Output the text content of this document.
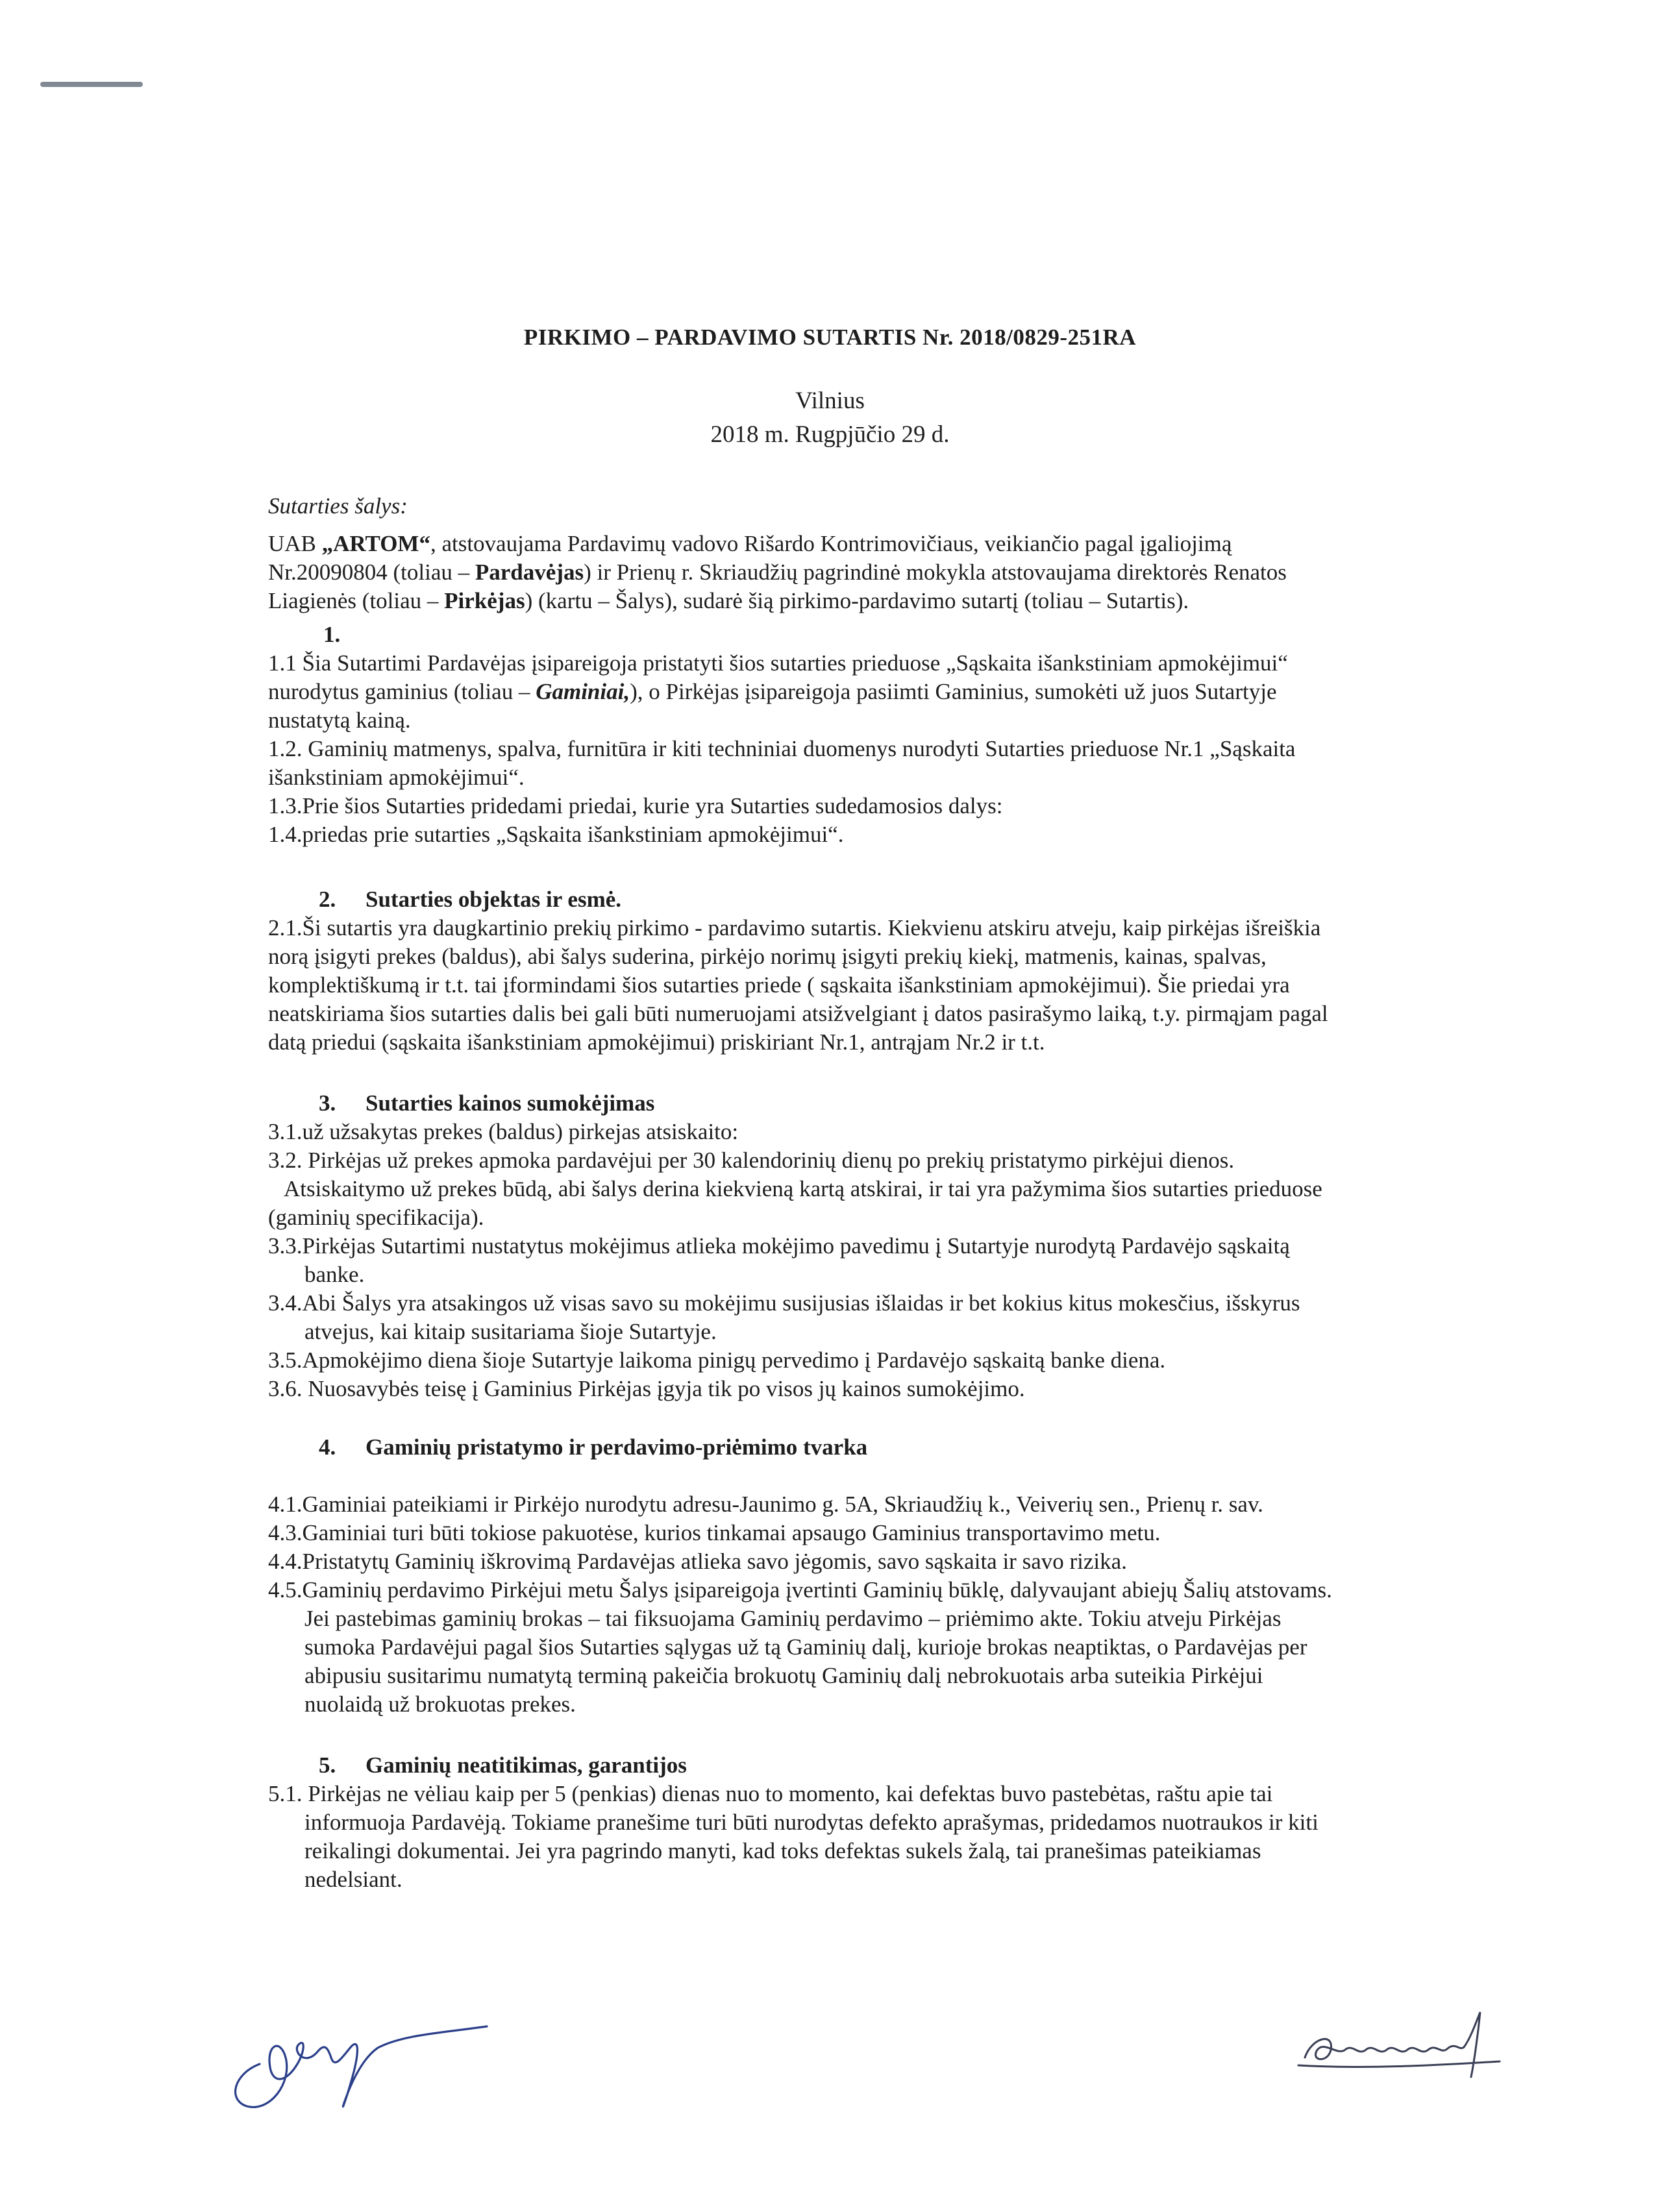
PIRKIMO – PARDAVIMO SUTARTIS Nr. 2018/0829-251RA
Vilnius
2018 m. Rugpjūčio 29 d.
Sutarties šalys:
UAB „ARTOM“, atstovaujama Pardavimų vadovo Rišardo Kontrimovičiaus, veikiančio pagal įgaliojimą
Nr.20090804 (toliau – Pardavėjas) ir Prienų r. Skriaudžių pagrindinė mokykla atstovaujama direktorės Renatos
Liagienės (toliau – Pirkėjas) (kartu – Šalys), sudarė šią pirkimo-pardavimo sutartį (toliau – Sutartis).
1.
1.1 Šia Sutartimi Pardavėjas įsipareigoja pristatyti šios sutarties prieduose „Sąskaita išankstiniam apmokėjimui“
nurodytus gaminius (toliau – Gaminiai,), o Pirkėjas įsipareigoja pasiimti Gaminius, sumokėti už juos Sutartyje
nustatytą kainą.
1.2. Gaminių matmenys, spalva, furnitūra ir kiti techniniai duomenys nurodyti Sutarties prieduose Nr.1 „Sąskaita
išankstiniam apmokėjimui“.
1.3.Prie šios Sutarties pridedami priedai, kurie yra Sutarties sudedamosios dalys:
1.4.priedas prie sutarties „Sąskaita išankstiniam apmokėjimui“.
2. Sutarties objektas ir esmė.
2.1.Ši sutartis yra daugkartinio prekių pirkimo - pardavimo sutartis. Kiekvienu atskiru atveju, kaip pirkėjas išreiškia
norą įsigyti prekes (baldus), abi šalys suderina, pirkėjo norimų įsigyti prekių kiekį, matmenis, kainas, spalvas,
komplektiškumą ir t.t. tai įformindami šios sutarties priede ( sąskaita išankstiniam apmokėjimui). Šie priedai yra
neatskiriama šios sutarties dalis bei gali būti numeruojami atsižvelgiant į datos pasirašymo laiką, t.y. pirmąjam pagal
datą priedui (sąskaita išankstiniam apmokėjimui) priskiriant Nr.1, antrąjam Nr.2 ir t.t.
3. Sutarties kainos sumokėjimas
3.1.už užsakytas prekes (baldus) pirkejas atsiskaito:
3.2. Pirkėjas už prekes apmoka pardavėjui per 30 kalendorinių dienų po prekių pristatymo pirkėjui dienos.
Atsiskaitymo už prekes būdą, abi šalys derina kiekvieną kartą atskirai, ir tai yra pažymima šios sutarties prieduose
(gaminių specifikacija).
3.3.Pirkėjas Sutartimi nustatytus mokėjimus atlieka mokėjimo pavedimu į Sutartyje nurodytą Pardavėjo sąskaitą
banke.
3.4.Abi Šalys yra atsakingos už visas savo su mokėjimu susijusias išlaidas ir bet kokius kitus mokesčius, išskyrus
atvejus, kai kitaip susitariama šioje Sutartyje.
3.5.Apmokėjimo diena šioje Sutartyje laikoma pinigų pervedimo į Pardavėjo sąskaitą banke diena.
3.6. Nuosavybės teisę į Gaminius Pirkėjas įgyja tik po visos jų kainos sumokėjimo.
4. Gaminių pristatymo ir perdavimo-priėmimo tvarka
4.1.Gaminiai pateikiami ir Pirkėjo nurodytu adresu-Jaunimo g. 5A, Skriaudžių k., Veiverių sen., Prienų r. sav.
4.3.Gaminiai turi būti tokiose pakuotėse, kurios tinkamai apsaugo Gaminius transportavimo metu.
4.4.Pristatytų Gaminių iškrovimą Pardavėjas atlieka savo jėgomis, savo sąskaita ir savo rizika.
4.5.Gaminių perdavimo Pirkėjui metu Šalys įsipareigoja įvertinti Gaminių būklę, dalyvaujant abiejų Šalių atstovams.
Jei pastebimas gaminių brokas – tai fiksuojama Gaminių perdavimo – priėmimo akte. Tokiu atveju Pirkėjas
sumoka Pardavėjui pagal šios Sutarties sąlygas už tą Gaminių dalį, kurioje brokas neaptiktas, o Pardavėjas per
abipusiu susitarimu numatytą terminą pakeičia brokuotų Gaminių dalį nebrokuotais arba suteikia Pirkėjui
nuolaidą už brokuotas prekes.
5. Gaminių neatitikimas, garantijos
5.1. Pirkėjas ne vėliau kaip per 5 (penkias) dienas nuo to momento, kai defektas buvo pastebėtas, raštu apie tai
informuoja Pardavėją. Tokiame pranešime turi būti nurodytas defekto aprašymas, pridedamos nuotraukos ir kiti
reikalingi dokumentai. Jei yra pagrindo manyti, kad toks defektas sukels žalą, tai pranešimas pateikiamas
nedelsiant.
